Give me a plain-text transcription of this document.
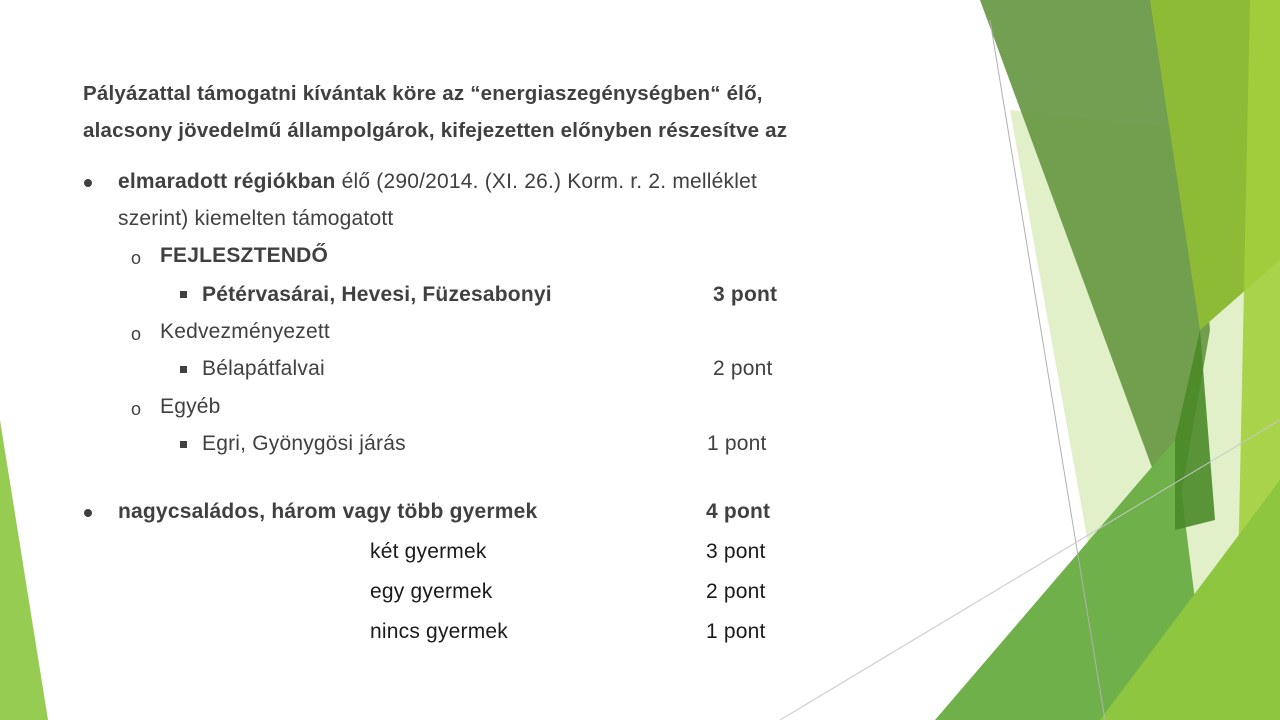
Pályázattal támogatni kívántak köre az “energiaszegénységben“ élő,
alacsony jövedelmű állampolgárok, kifejezetten előnyben részesítve az
elmaradott régiókban élő (290/2014. (XI. 26.) Korm. r. 2. melléklet
szerint) kiemelten támogatott
o FEJLESZTENDŐ
Pétérvasárai, Hevesi, Füzesabonyi	3 pont
o Kedvezményezett
Bélapátfalvai	2 pont
o Egyéb
Egri, Gyönygösi járás	1 pont
nagycsaládos, három vagy több gyermek	4 pont
két gyermek	3 pont
egy gyermek	2 pont
nincs gyermek	1 pont
